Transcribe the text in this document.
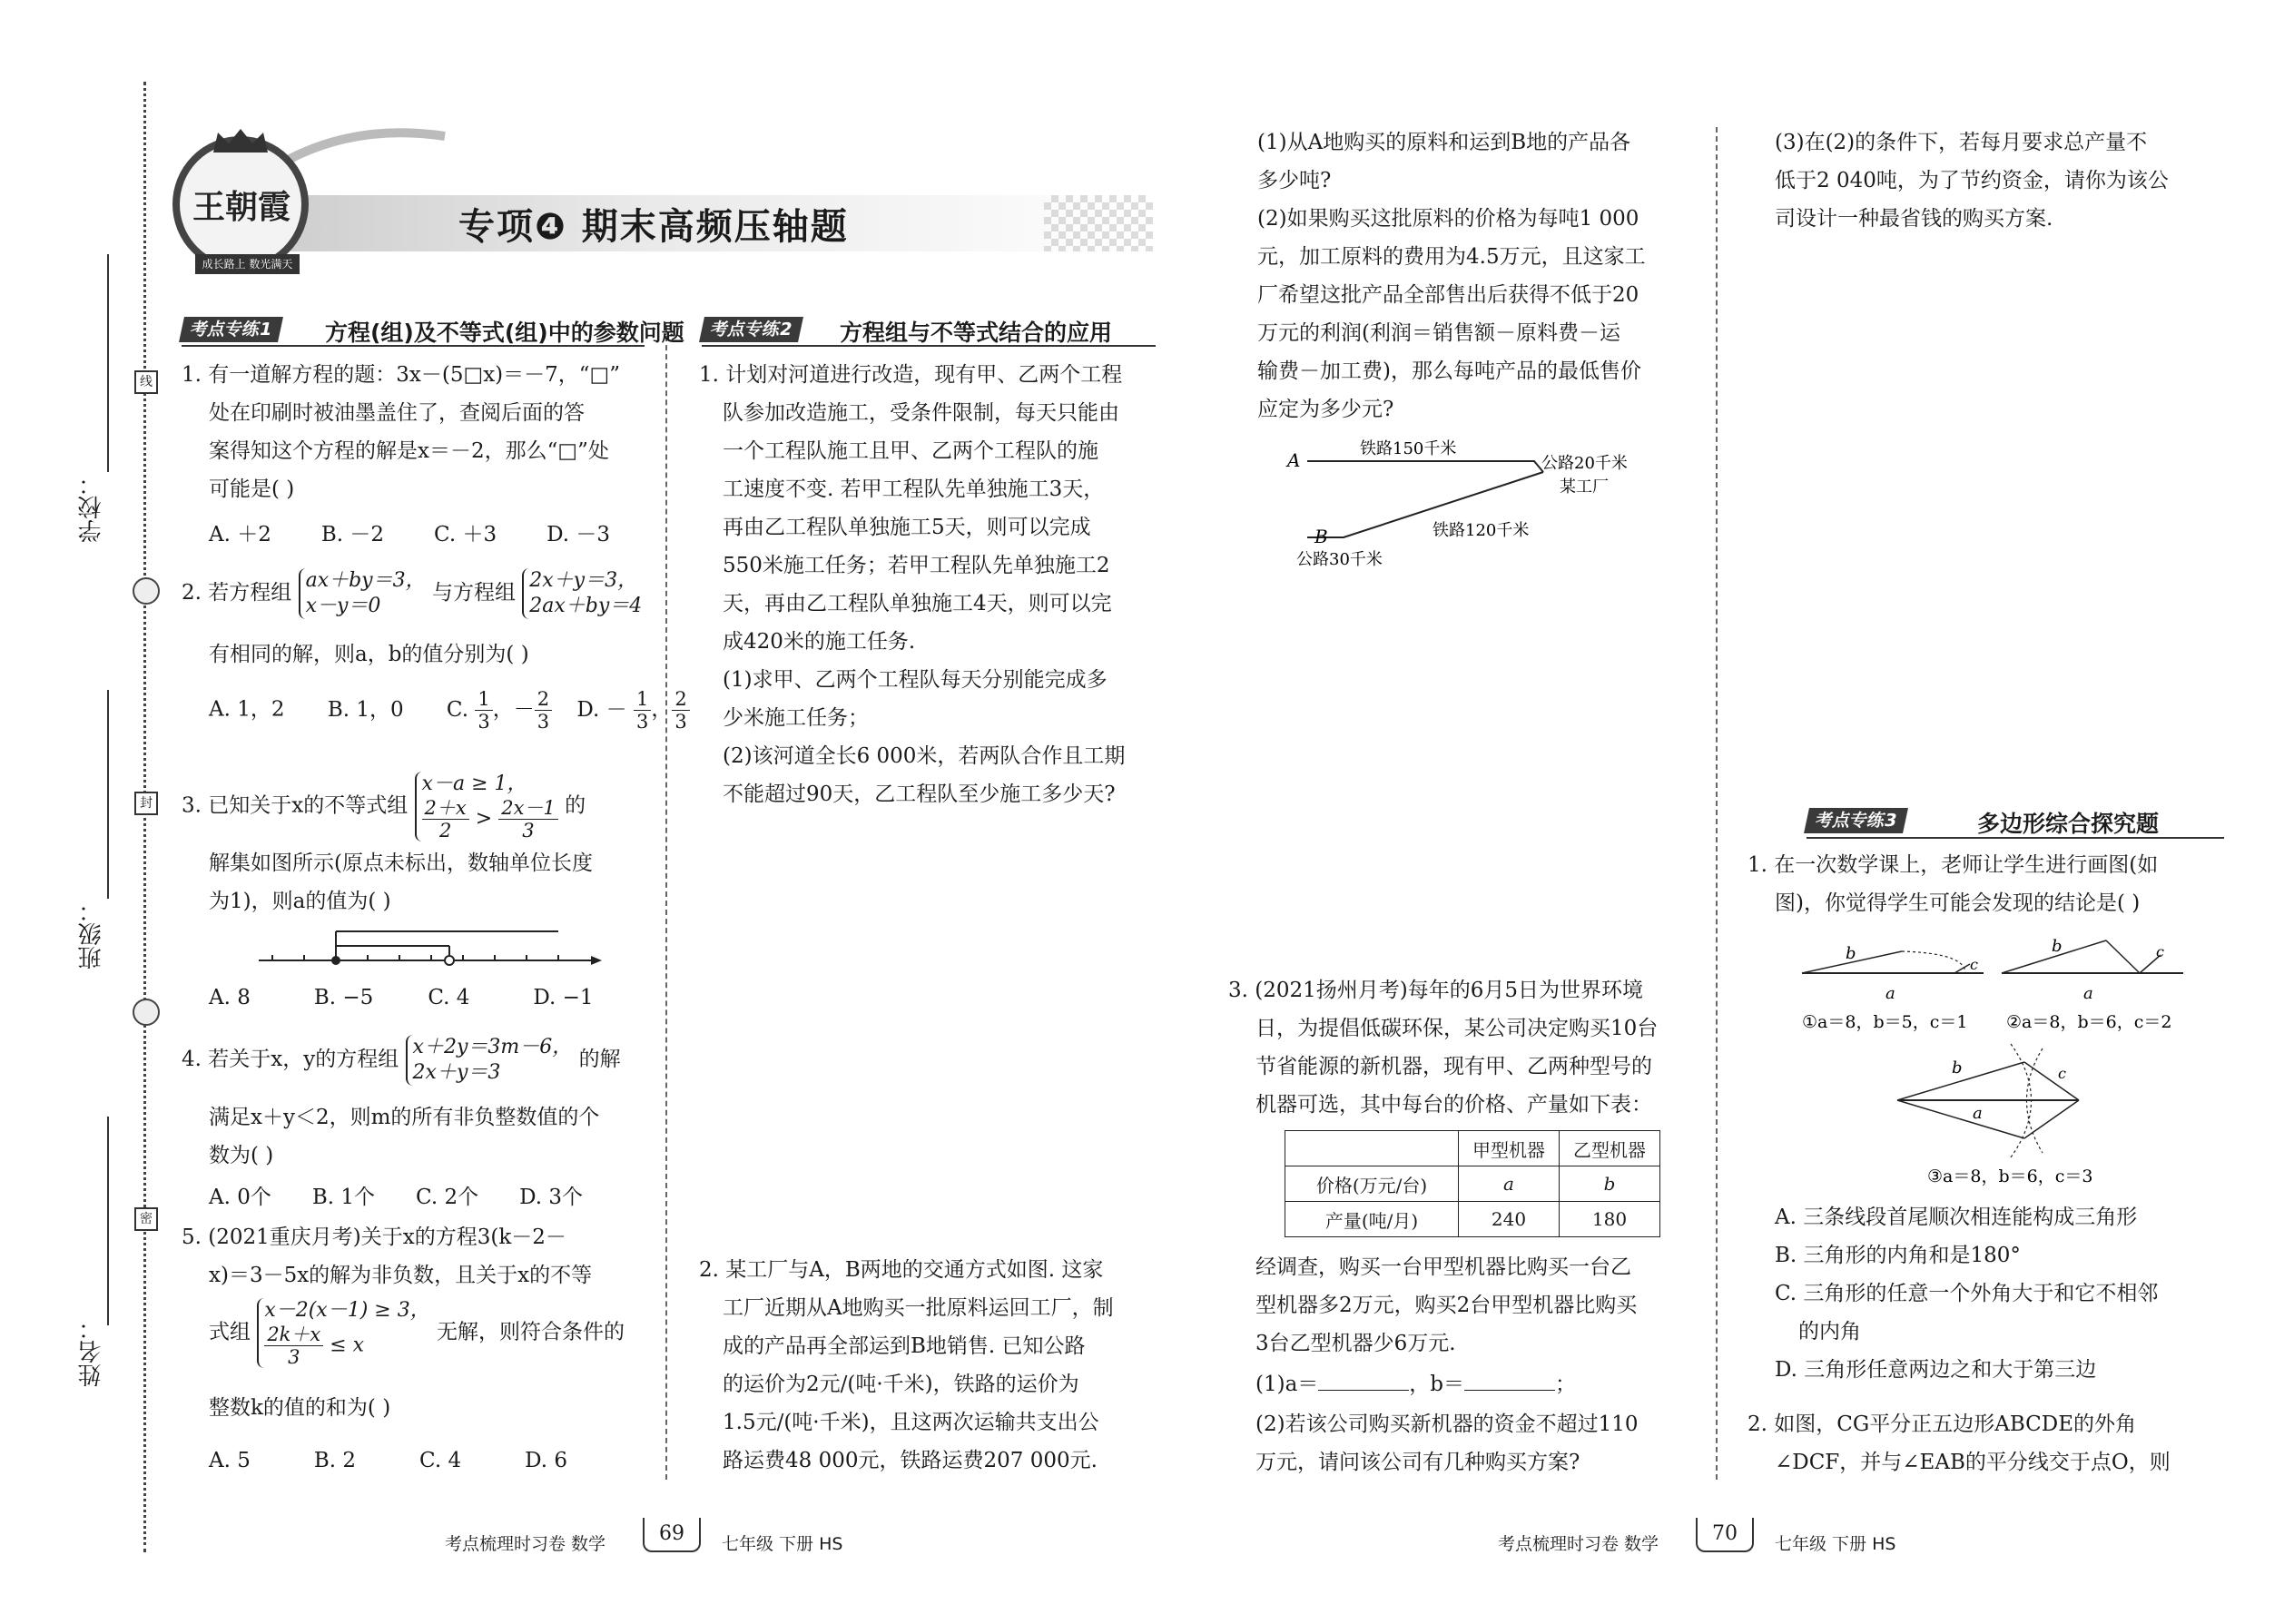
学校：
班级：
姓名：
线
封
密
王朝霞
成长路上 数光满天
专项❹ 期末高频压轴题
考点专练1	方程(组)及不等式(组)中的参数问题
1. 有一道解方程的题：3x－(5□x)＝－7，“□”
处在印刷时被油墨盖住了，查阅后面的答
案得知这个方程的解是x＝－2，那么“□”处
可能是( )
A. ＋2 B. －2 C. ＋3 D. －3
2. 若方程组
ax＋by＝3，
x－y＝0
与方程组
2x＋y＝3，
2ax＋by＝4
有相同的解，则a，b的值分别为( )
A. 1，2 B. 1，0 C. $\frac{1}{3}$ ，－ $\frac{2}{3} D$. － $\frac{1}{3}$ ， $\frac{2}{3}$
3. 已知关于x的不等式组
x－a ≥ 1，
$\frac{2+x}{2} > \frac{2x-1}{3}$ 的
解集如图所示(原点未标出，数轴单位长度
为1)，则a的值为( )
A. 8	B. −5	C. 4	D. −1
4. 若关于x，y的方程组
x＋2y＝3m－6，
2x＋y＝3
的解
满足x＋y＜2，则m的所有非负整数值的个
数为( )
A. 0个 B. 1个 C. 2个 D. 3个
5. (2021重庆月考)关于x的方程3(k－2－
x)＝3－5x的解为非负数，且关于x的不等
式组
x－2(x－1) ≥ 3，
$\frac{2k+x}{3} \le x$
无解，则符合条件的
整数k的值的和为( )
A. 5	B. 2	C. 4	D. 6
考点专练2	方程组与不等式结合的应用
1. 计划对河道进行改造，现有甲、乙两个工程
队参加改造施工，受条件限制，每天只能由
一个工程队施工且甲、乙两个工程队的施
工速度不变. 若甲工程队先单独施工3天，
再由乙工程队单独施工5天，则可以完成
550米施工任务；若甲工程队先单独施工2
天，再由乙工程队单独施工4天，则可以完
成420米的施工任务.
(1)求甲、乙两个工程队每天分别能完成多
少米施工任务；
(2)该河道全长6 000米，若两队合作且工期
不能超过90天，乙工程队至少施工多少天?
2. 某工厂与A，B两地的交通方式如图. 这家
工厂近期从A地购买一批原料运回工厂，制
成的产品再全部运到B地销售. 已知公路
的运价为2元/(吨·千米)，铁路的运价为
1.5元/(吨·千米)，且这两次运输共支出公
路运费48 000元，铁路运费207 000元.
(1)从A地购买的原料和运到B地的产品各
多少吨?
(2)如果购买这批原料的价格为每吨1 000
元，加工原料的费用为4.5万元，且这家工
厂希望这批产品全部售出后获得不低于20
万元的利润(利润＝销售额－原料费－运
输费－加工费)，那么每吨产品的最低售价
应定为多少元?
A
B
铁路150千米
公路20千米
某工厂
铁路120千米
公路30千米
3. (2021扬州月考)每年的6月5日为世界环境
日，为提倡低碳环保，某公司决定购买10台
节省能源的新机器，现有甲、乙两种型号的
机器可选，其中每台的价格、产量如下表：
	甲型机器	乙型机器
价格(万元/台)	a	b
产量(吨/月)	240	180
经调查，购买一台甲型机器比购买一台乙
型机器多2万元，购买2台甲型机器比购买
3台乙型机器少6万元.
(1)a＝	，b＝	；
(2)若该公司购买新机器的资金不超过110
万元，请问该公司有几种购买方案?
(3)在(2)的条件下，若每月要求总产量不
低于2 040吨，为了节约资金，请你为该公
司设计一种最省钱的购买方案.
考点专练3	多边形综合探究题
1. 在一次数学课上，老师让学生进行画图(如
图)，你觉得学生可能会发现的结论是( )
b
a
c
b
a
c
①a＝8，b＝5，c＝1 ②a＝8，b＝6，c＝2
b
a
c
③a＝8，b＝6，c＝3
A. 三条线段首尾顺次相连能构成三角形
B. 三角形的内角和是180°
C. 三角形的任意一个外角大于和它不相邻
的内角
D. 三角形任意两边之和大于第三边
2. 如图，CG平分正五边形ABCDE的外角
∠DCF，并与∠EAB的平分线交于点O，则
考点梳理时习卷 数学	69	七年级 下册 HS	考点梳理时习卷 数学	70	七年级 下册 HS
